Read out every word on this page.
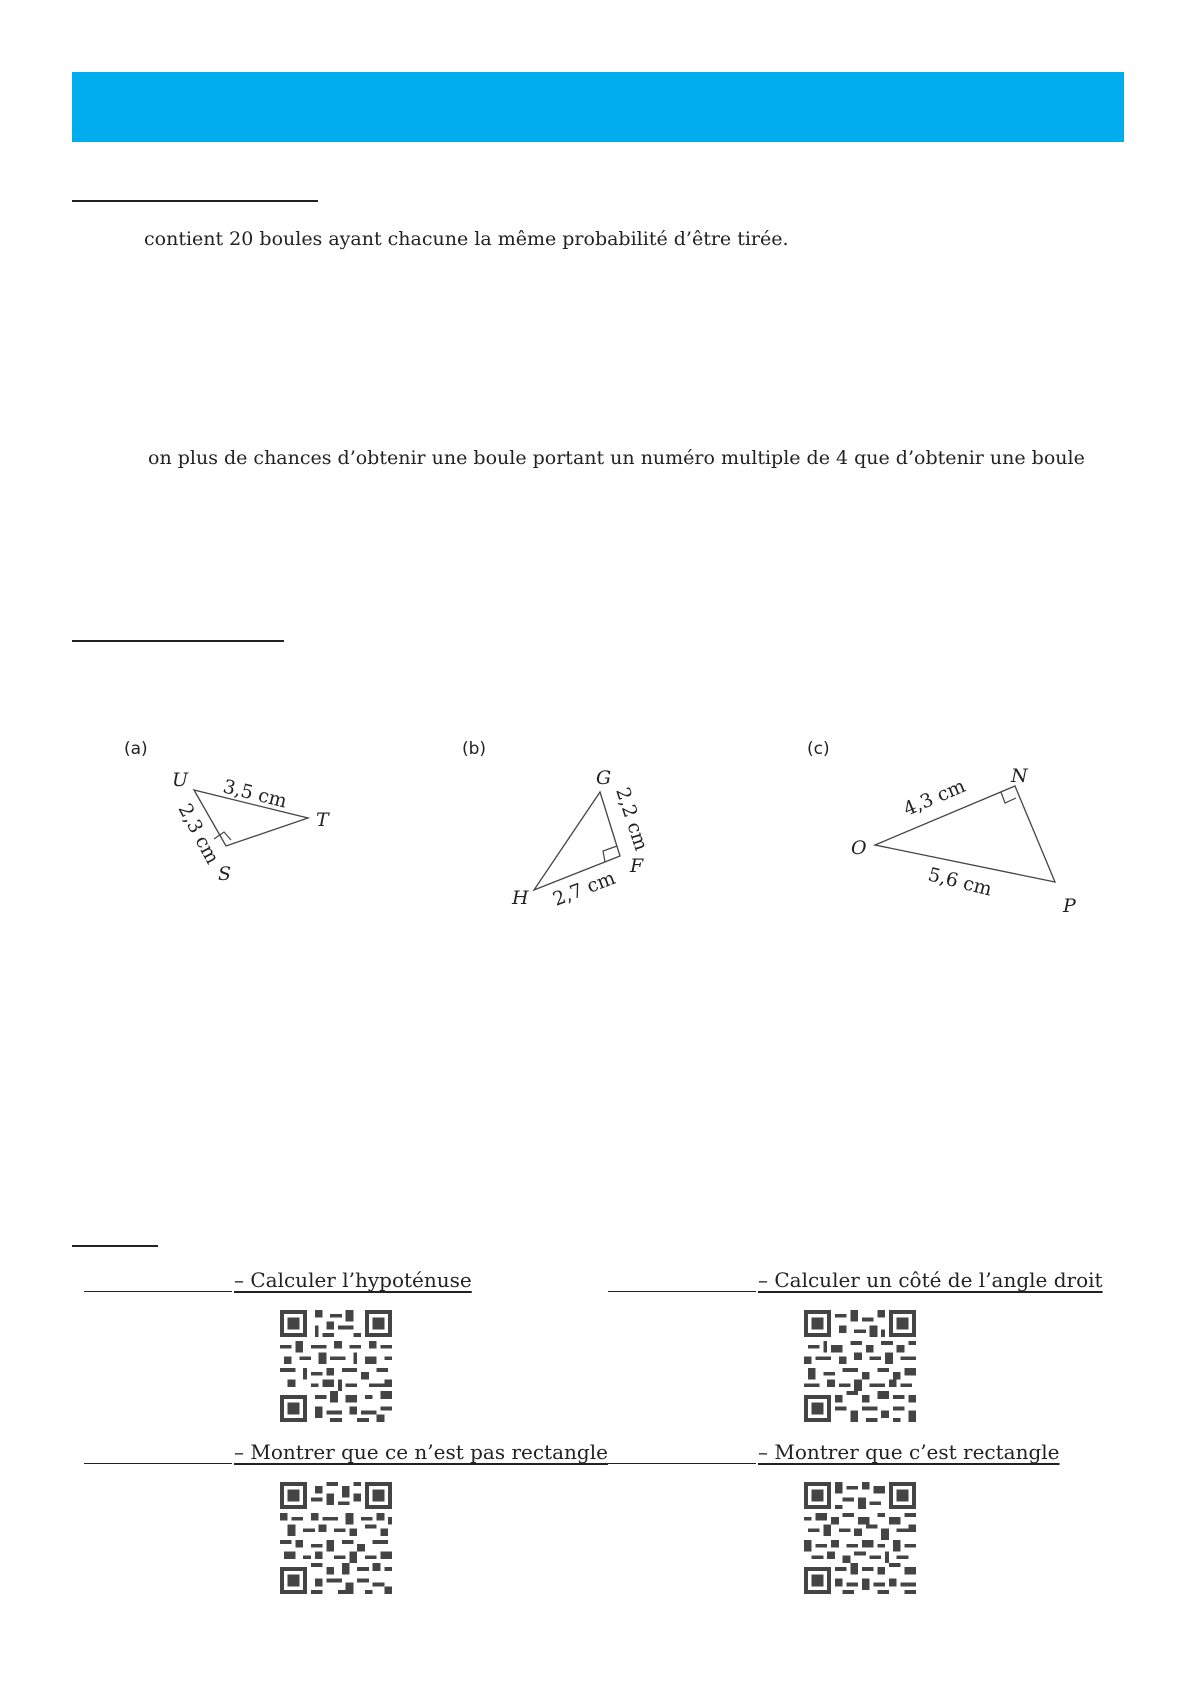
contient 20 boules ayant chacune la même probabilité d’être tirée.
on plus de chances d’obtenir une boule portant un numéro multiple de 4 que d’obtenir une boule
(a)
U
S
T
3,5 cm
2,3 cm
(b)
G
F
H
2,2 cm
2,7 cm
(c)
O
N
P
4,3 cm
5,6 cm
– Calculer l’hypoténuse	– Calculer un côté de l’angle droit
– Montrer que ce n’est pas rectangle	– Montrer que c’est rectangle
